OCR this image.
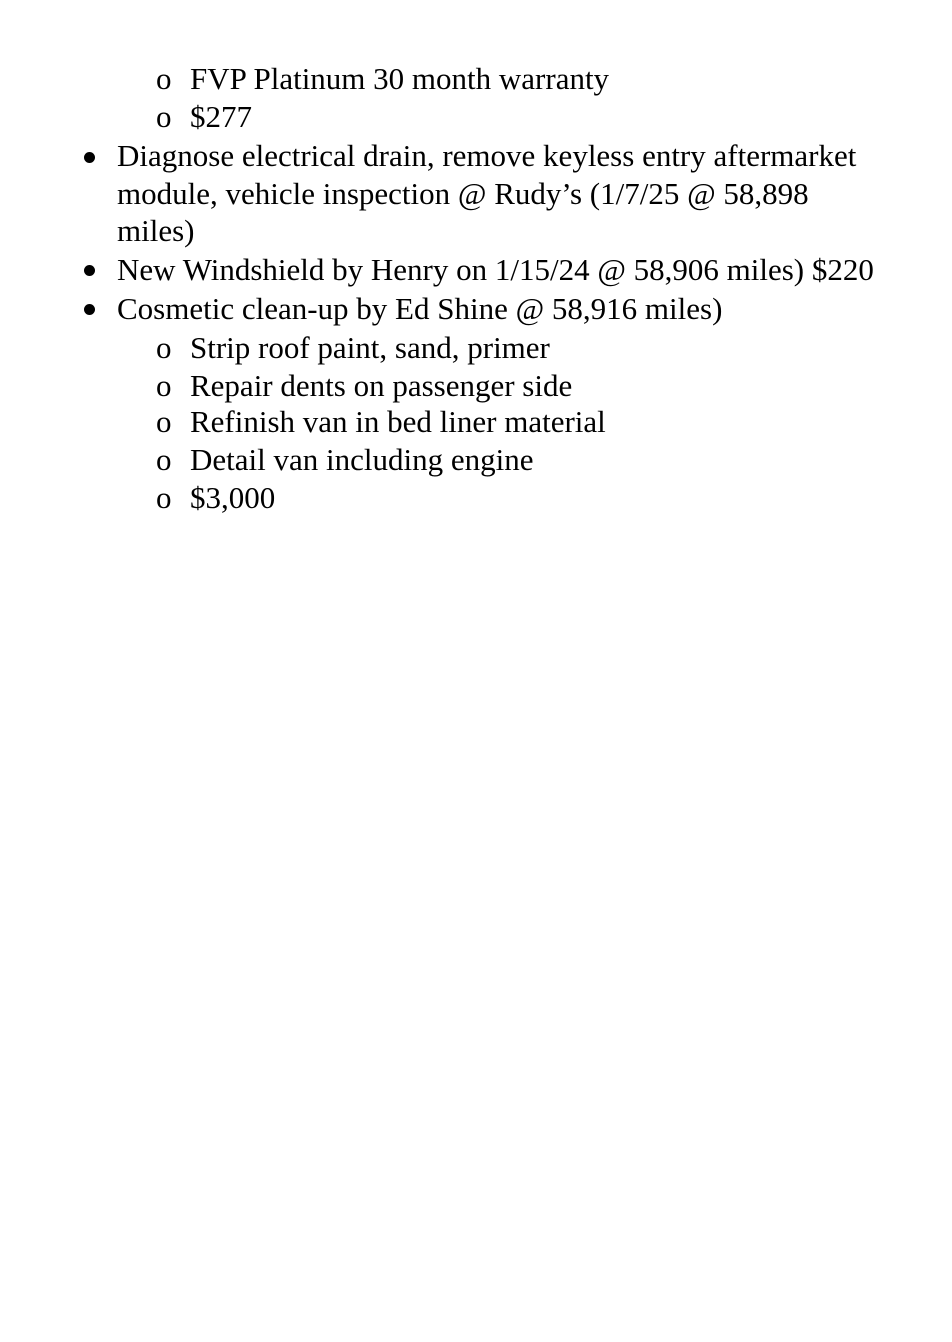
o FVP Platinum 30 month warranty
o $277
Diagnose electrical drain, remove keyless entry aftermarket
module, vehicle inspection @ Rudy’s (1/7/25 @ 58,898
miles)
New Windshield by Henry on 1/15/24 @ 58,906 miles) $220
Cosmetic clean-up by Ed Shine @ 58,916 miles)
o Strip roof paint, sand, primer
o Repair dents on passenger side
o Refinish van in bed liner material
o Detail van including engine
o $3,000
